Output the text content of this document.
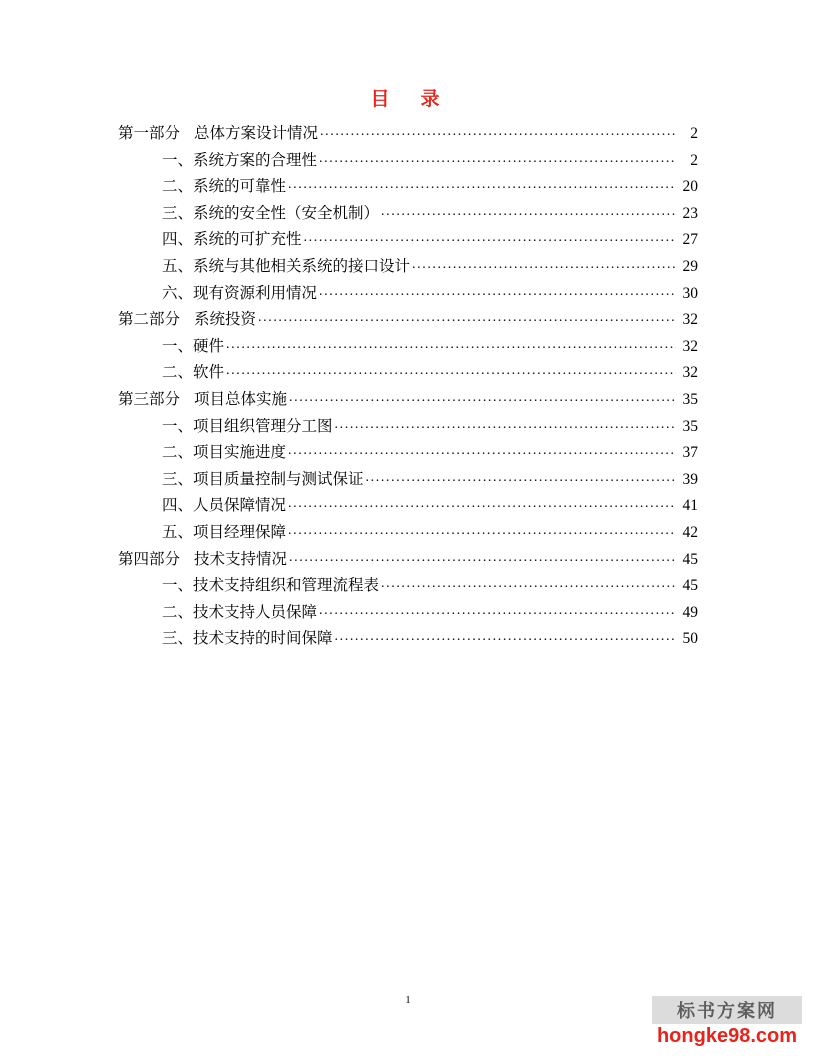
目　录
第一部分 总体方案设计情况 .....	2
一、系统方案的合理性 .....	2
二、系统的可靠性 .....	20
三、系统的安全性（安全机制） .....	23
四、系统的可扩充性 .....	27
五、系统与其他相关系统的接口设计 .....	29
六、现有资源利用情况 .....	30
第二部分 系统投资 .....	32
一、硬件 .....	32
二、软件 .....	32
第三部分 项目总体实施 .....	35
一、项目组织管理分工图 .....	35
二、项目实施进度 .....	37
三、项目质量控制与测试保证 .....	39
四、人员保障情况 .....	41
五、项目经理保障 .....	42
第四部分 技术支持情况 .....	45
一、技术支持组织和管理流程表 .....	45
二、技术支持人员保障 .....	49
三、技术支持的时间保障 .....	50
1
标书方案网
hongke98.com
